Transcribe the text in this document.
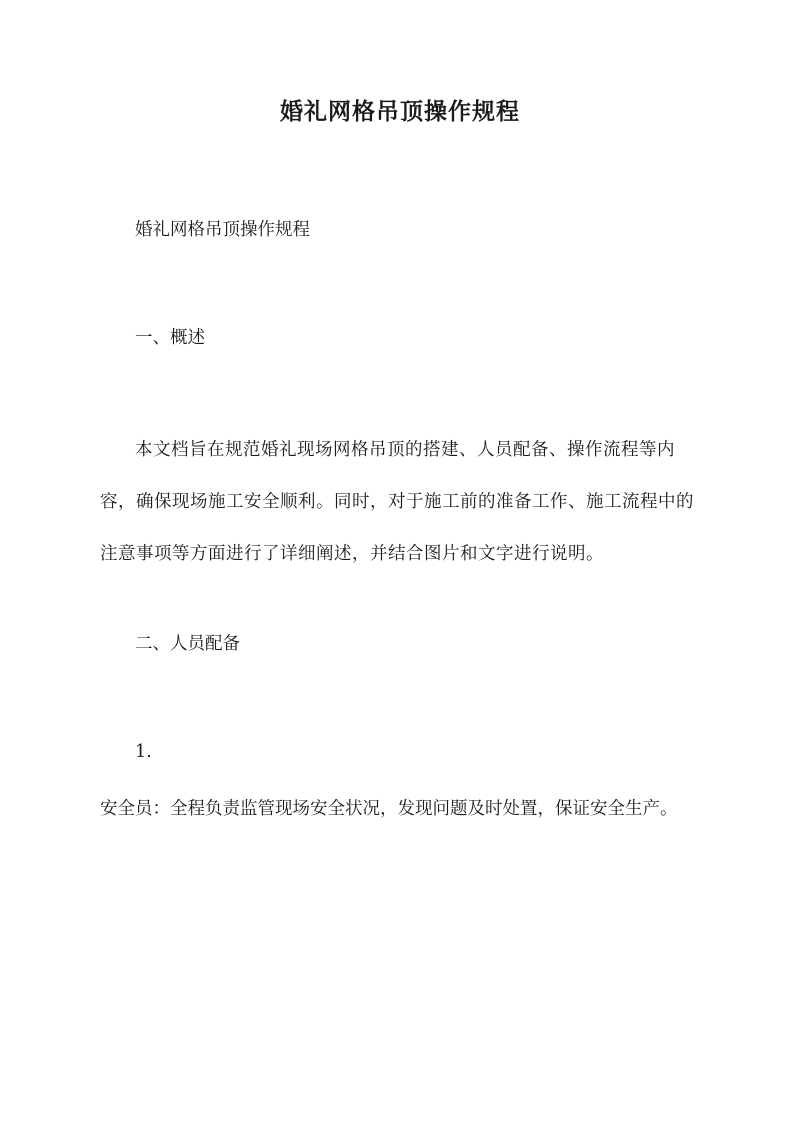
婚礼网格吊顶操作规程

婚礼网格吊顶操作规程

一、概述

本文档旨在规范婚礼现场网格吊顶的搭建、人员配备、操作流程等内容，确保现场施工安全顺利。同时，对于施工前的准备工作、施工流程中的注意事项等方面进行了详细阐述，并结合图片和文字进行说明。

二、人员配备

1.

安全员：全程负责监管现场安全状况，发现问题及时处置，保证安全生产。
